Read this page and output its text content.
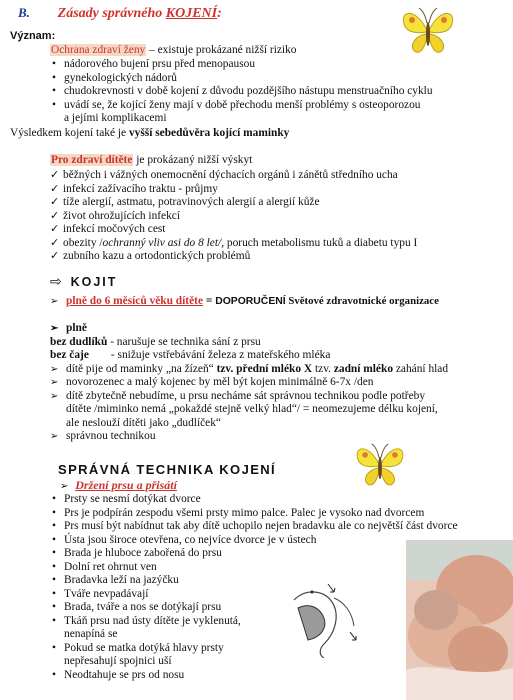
B. Zásady správného KOJENÍ:
Význam:
Ochrana zdraví ženy – existuje prokázané nižší riziko
• nádorového bujení prsu před menopausou
• gynekologických nádorů
• chudokrevnosti v době kojení z důvodu pozdějšího nástupu menstruačního cyklu
• uvádí se, že kojící ženy mají v době přechodu menší problémy s osteoporozou
a jejími komplikacemi
Výsledkem kojení také je vyšší sebedůvěra kojící maminky
Pro zdraví dítěte je prokázaný nižší výskyt
✓ běžných i vážných onemocnění dýchacích orgánů i zánětů středního ucha
✓ infekcí zažívacího traktu - průjmy
✓ tíže alergií, astmatu, potravinových alergií a alergií kůže
✓ život ohrožujících infekcí
✓ infekcí močových cest
✓ obezity /ochranný vliv asi do 8 let/, poruch metabolismu tuků a diabetu typu I
✓ zubního kazu a ortodontických problémů
⇨ KOJIT
➢ plně do 6 měsíců věku dítěte = DOPORUČENÍ Světové zdravotnické organizace
➢ plně
bez dudlíků - narušuje se technika sání z prsu
bez čaje - snižuje vstřebávání železa z mateřského mléka
➢ dítě pije od maminky „na žízeň“ tzv. přední mléko X tzv. zadní mléko zahání hlad
➢ novorozenec a malý kojenec by měl být kojen minimálně 6-7x /den
➢ dítě zbytečně nebudíme, u prsu necháme sát správnou technikou podle potřeby
dítěte /miminko nemá „pokaždé stejně velký hlad“/ = neomezujeme délku kojení,
ale neslouží dítěti jako „dudlíček“
➢ správnou technikou
SPRÁVNÁ TECHNIKA KOJENÍ
➢ Držení prsu a přisátí
• Prsty se nesmí dotýkat dvorce
• Prs je podpírán zespodu všemi prsty mimo palce. Palec je vysoko nad dvorcem
• Prs musí být nabídnut tak aby dítě uchopilo nejen bradavku ale co největší část dvorce
• Ústa jsou široce otevřena, co nejvíce dvorce je v ústech
• Brada je hluboce zabořená do prsu
• Dolní ret ohrnut ven
• Bradavka leží na jazýčku
• Tváře nevpadávají
• Brada, tváře a nos se dotýkají prsu
• Tkáň prsu nad ústy dítěte je vyklenutá,
nenapíná se
• Pokud se matka dotýká hlavy prsty
nepřesahují spojnici uší
• Neodtahuje se prs od nosu
